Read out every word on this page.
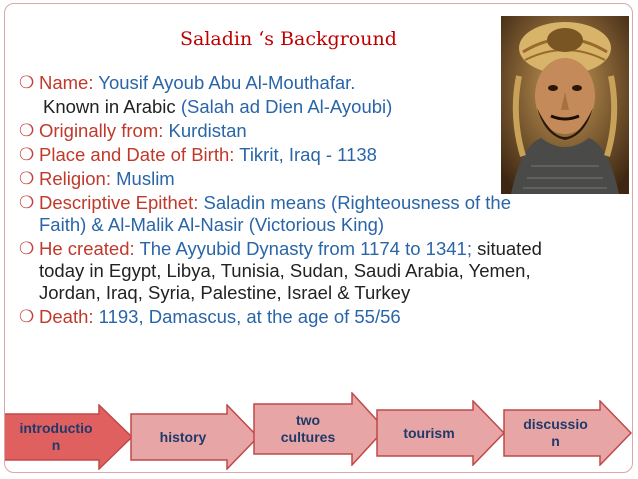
Saladin ‘s Background
❍ Name: Yousif Ayoub Abu Al-Mouthafar.
Known in Arabic (Salah ad Dien Al-Ayoubi)
❍ Originally from: Kurdistan
❍ Place and Date of Birth: Tikrit, Iraq - 1138
❍ Religion: Muslim
❍ Descriptive Epithet: Saladin means (Righteousness of the Faith) & Al-Malik Al-Nasir (Victorious King)
❍ He created: The Ayyubid Dynasty from 1174 to 1341; situated today in Egypt, Libya, Tunisia, Sudan, Saudi Arabia, Yemen, Jordan, Iraq, Syria, Palestine, Israel & Turkey
❍ Death: 1193, Damascus, at the age of 55/56
introductio
n
history
two
cultures	tourism
discussio
n
